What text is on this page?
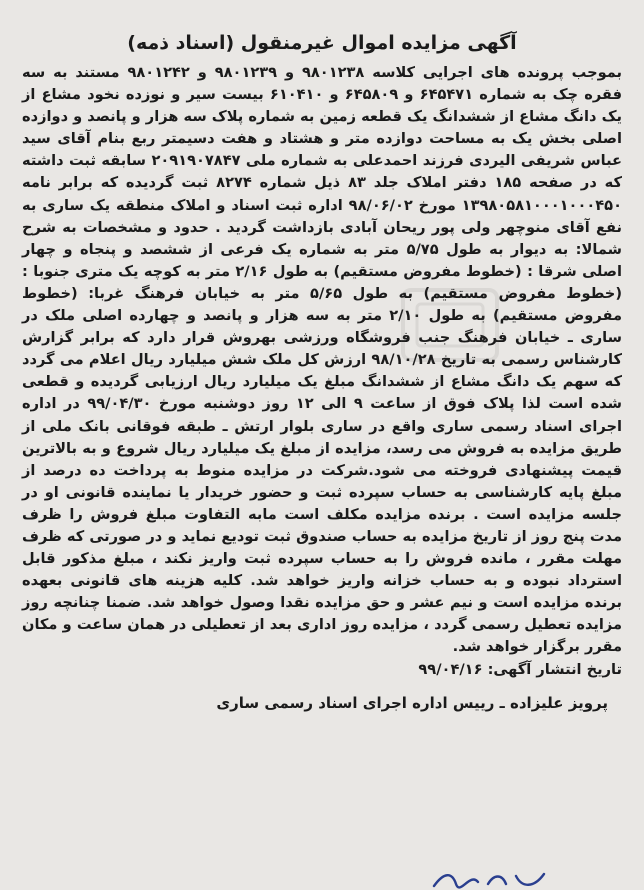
آگهی مزایده اموال غیرمنقول (اسناد ذمه)

بموجب پرونده های اجرایی کلاسه ۹۸۰۱۲۳۸ و ۹۸۰۱۲۳۹ و ۹۸۰۱۲۴۲ مستند به سه فقره چک به شماره ۶۴۵۴۷۱ و ۶۴۵۸۰۹ و ۶۱۰۴۱۰ بیست سیر و نوزده نخود مشاع از یک دانگ مشاع از ششدانگ یک قطعه زمین به شماره پلاک سه هزار و پانصد و دوازده اصلی بخش یک به مساحت دوازده متر و هشتاد و هفت دسیمتر ربع بنام آقای سید عباس شریفی الیردی فرزند احمدعلی به شماره ملی ۲۰۹۱۹۰۷۸۴۷ سابقه ثبت داشته که در صفحه ۱۸۵ دفتر املاک جلد ۸۳ ذیل شماره ۸۲۷۴ ثبت گردیده که برابر نامه ۱۳۹۸۰۵۸۱۰۰۰۱۰۰۰۴۵۰ مورخ ۹۸/۰۶/۰۲ اداره ثبت اسناد و املاک منطقه یک ساری به نفع آقای منوچهر ولی پور ریحان آبادی بازداشت گردید . حدود و مشخصات به شرح شمالا: به دیوار به طول ۵/۷۵ متر به شماره یک فرعی از ششصد و پنجاه و چهار اصلی شرقا : (خطوط مفروض مستقیم) به طول ۲/۱۶ متر به کوچه یک متری جنوبا : (خطوط مفروض مستقیم) به طول ۵/۶۵ متر به خیابان فرهنگ غربا: (خطوط مفروض مستقیم) به طول ۲/۱۰ متر به سه هزار و پانصد و چهارده اصلی ملک در ساری ـ خیابان فرهنگ جنب فروشگاه ورزشی بهروش قرار دارد که برابر گزارش کارشناس رسمی به تاریخ ۹۸/۱۰/۲۸ ارزش کل ملک شش میلیارد ریال اعلام می گردد که سهم یک دانگ مشاع از ششدانگ مبلغ یک میلیارد ریال ارزیابی گردیده و قطعی شده است لذا پلاک فوق از ساعت ۹ الی ۱۲ روز دوشنبه مورخ ۹۹/۰۴/۳۰ در اداره اجرای اسناد رسمی ساری واقع در ساری بلوار ارتش ـ طبقه فوقانی بانک ملی از طریق مزایده به فروش می رسد، مزایده از مبلغ یک میلیارد ریال شروع و به بالاترین قیمت پیشنهادی فروخته می شود.شرکت در مزایده منوط به پرداخت ده درصد از مبلغ پایه کارشناسی به حساب سپرده ثبت و حضور خریدار یا نماینده قانونی او در جلسه مزایده است . برنده مزایده مکلف است مابه التفاوت مبلغ فروش را ظرف مدت پنج روز از تاریخ مزایده به حساب صندوق ثبت تودیع نماید و در صورتی که ظرف مهلت مقرر ، مانده فروش را به حساب سپرده ثبت واریز نکند ، مبلغ مذکور قابل استرداد نبوده و به حساب خزانه واریز خواهد شد. کلیه هزینه های قانونی بعهده برنده مزایده است و نیم عشر و حق مزایده نقدا وصول خواهد شد. ضمنا چنانچه روز مزایده تعطیل رسمی گردد ، مزایده روز اداری بعد از تعطیلی در همان ساعت و مکان مقرر برگزار خواهد شد.

تاریخ انتشار آگهی: ۹۹/۰۴/۱۶

پرویز علیزاده ـ رییس اداره اجرای اسناد رسمی ساری
